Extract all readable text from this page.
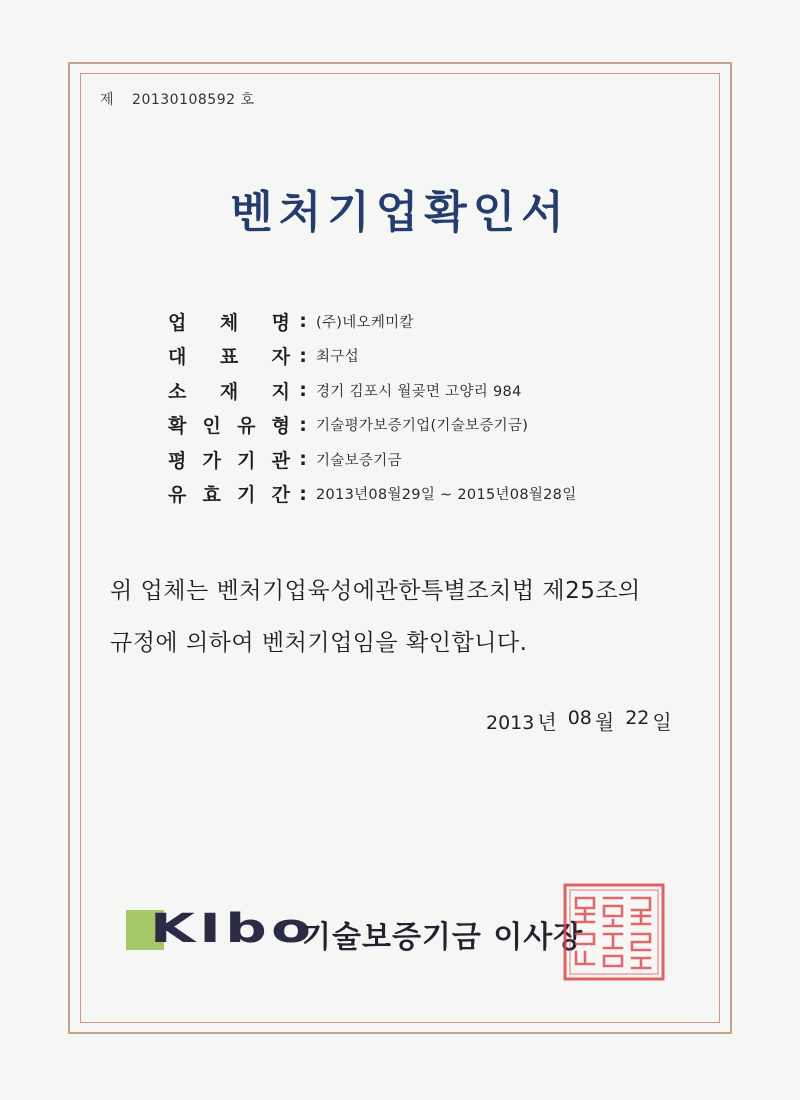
제 20130108592 호
벤처기업확인서
업 체 명 : (주)네오케미칼
대 표 자 : 최구섭
소 재 지 : 경기 김포시 월곶면 고양리 984
확 인 유 형 : 기술평가보증기업(기술보증기금)
평 가 기 관 : 기술보증기금
유 효 기 간 : 2013년08월29일 ~ 2015년08월28일
위 업체는 벤처기업육성에관한특별조치법 제25조의
규정에 의하여 벤처기업임을 확인합니다.
2013 년 08 월 22 일
KIbo
기술보증기금 이사장
